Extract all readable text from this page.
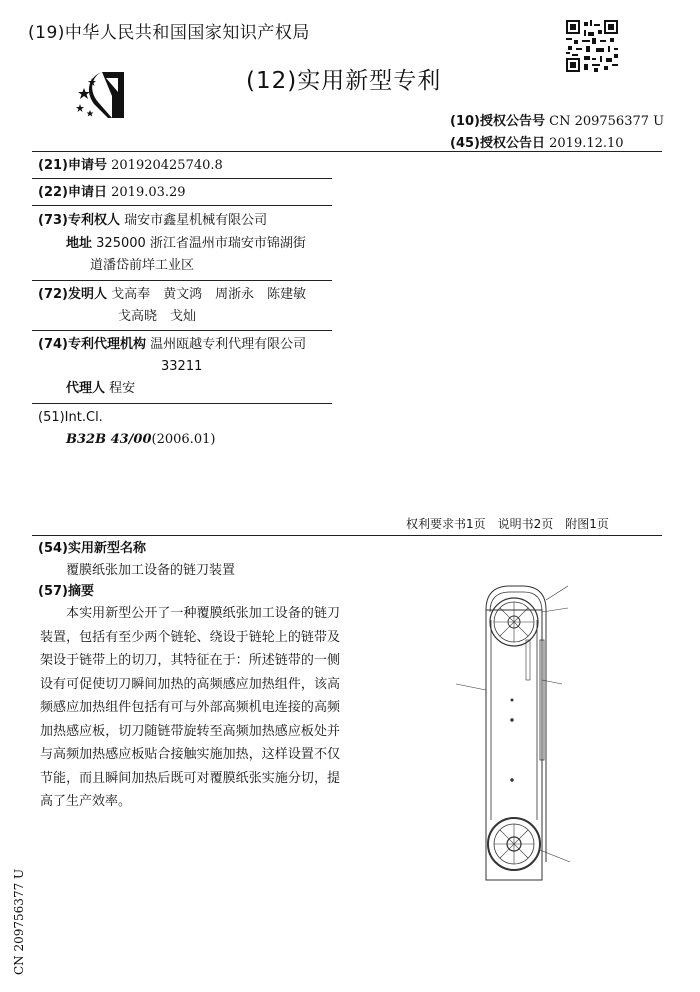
(19)中华人民共和国国家知识产权局
(12)实用新型专利
(10)授权公告号 CN 209756377 U
(45)授权公告日 2019.12.10
(21)申请号 201920425740.8
(22)申请日 2019.03.29
(73)专利权人 瑞安市鑫星机械有限公司
地址 325000 浙江省温州市瑞安市锦湖街
道潘岱前垟工业区
(72)发明人 戈高奉　黄文鸿　周浙永　陈建敏
戈高晓　戈灿
(74)专利代理机构 温州瓯越专利代理有限公司
33211
代理人 程安
(51)Int.Cl.
B32B 43/00(2006.01)
权利要求书1页　说明书2页　附图1页
(54)实用新型名称
覆膜纸张加工设备的链刀装置
(57)摘要
本实用新型公开了一种覆膜纸张加工设备的链刀装置，包括有至少两个链轮、绕设于链轮上的链带及架设于链带上的切刀，其特征在于：所述链带的一侧设有可促使切刀瞬间加热的高频感应加热组件，该高频感应加热组件包括有可与外部高频机电连接的高频加热感应板，切刀随链带旋转至高频加热感应板处并与高频加热感应板贴合接触实施加热，这样设置不仅节能，而且瞬间加热后既可对覆膜纸张实施分切，提高了生产效率。
CN 209756377 U
